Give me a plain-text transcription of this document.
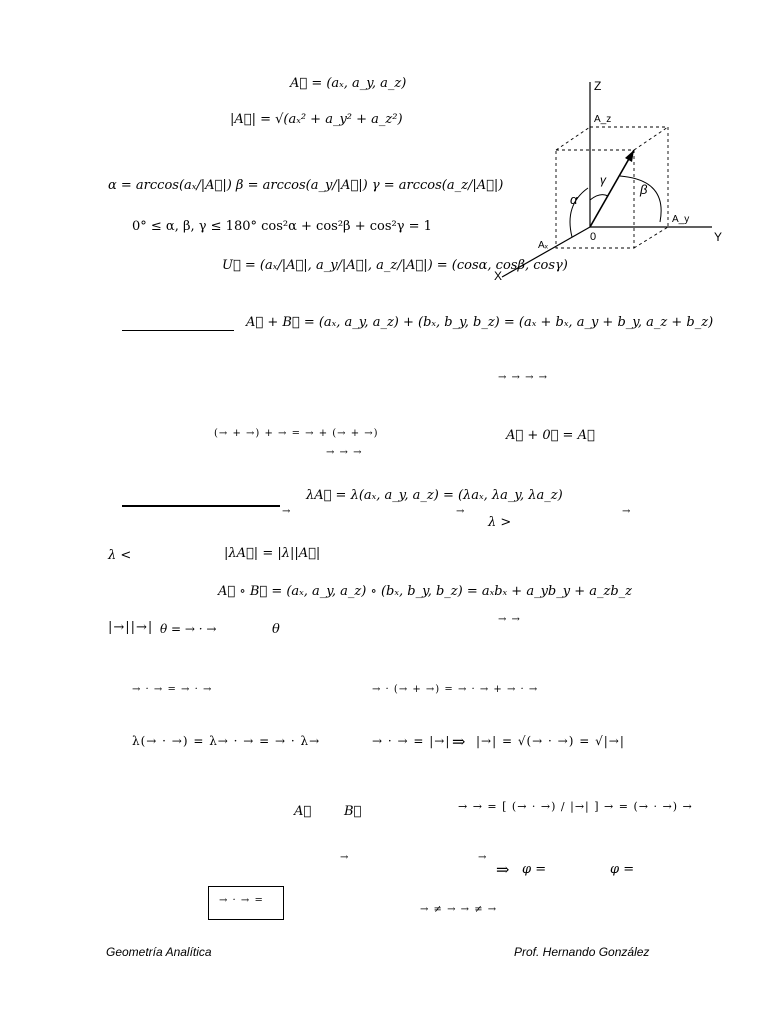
A⃗ = (aₓ, a_y, a_z)
|A⃗| = √(aₓ² + a_y² + a_z²)
α = arccos(aₓ/|A⃗|) β = arccos(a_y/|A⃗|) γ = arccos(a_z/|A⃗|)
0° ≤ α, β, γ ≤ 180° cos²α + cos²β + cos²γ = 1
U⃗ = (aₓ/|A⃗|, a_y/|A⃗|, a_z/|A⃗|) = (cosα, cosβ, cosγ)
Z
Y
X
0
A_z
A_y
Aₓ
α
β
γ
A⃗ + B⃗ = (aₓ, a_y, a_z) + (bₓ, b_y, b_z) = (aₓ + bₓ, a_y + b_y, a_z + b_z)
→ → → →
(→ + →) + → = → + (→ + →)
→ → →
A⃗ + 0⃗ = A⃗
→
λA⃗ = λ(aₓ, a_y, a_z) = (λaₓ, λa_y, λa_z)
→
λ >
→
λ <	|λA⃗| = |λ||A⃗|
A⃗ ∘ B⃗ = (aₓ, a_y, a_z) ∘ (bₓ, b_y, b_z) = aₓbₓ + a_yb_y + a_zb_z
|→||→| θ = → · →	θ
→ →
→ · → = → · →	→ · (→ + →) = → · → + → · →
λ(→ · →) = λ→ · → = → · λ→	→ · → = |→| ⇒ |→| = √(→ · →) = √|→|
A⃗	B⃗	→ → = [ (→ · →) / |→| ] → = (→ · →) →
→	→
⇒ φ =	φ =
→ · → =
→ ≠ → → ≠ →
Geometría Analítica	Prof. Hernando González
